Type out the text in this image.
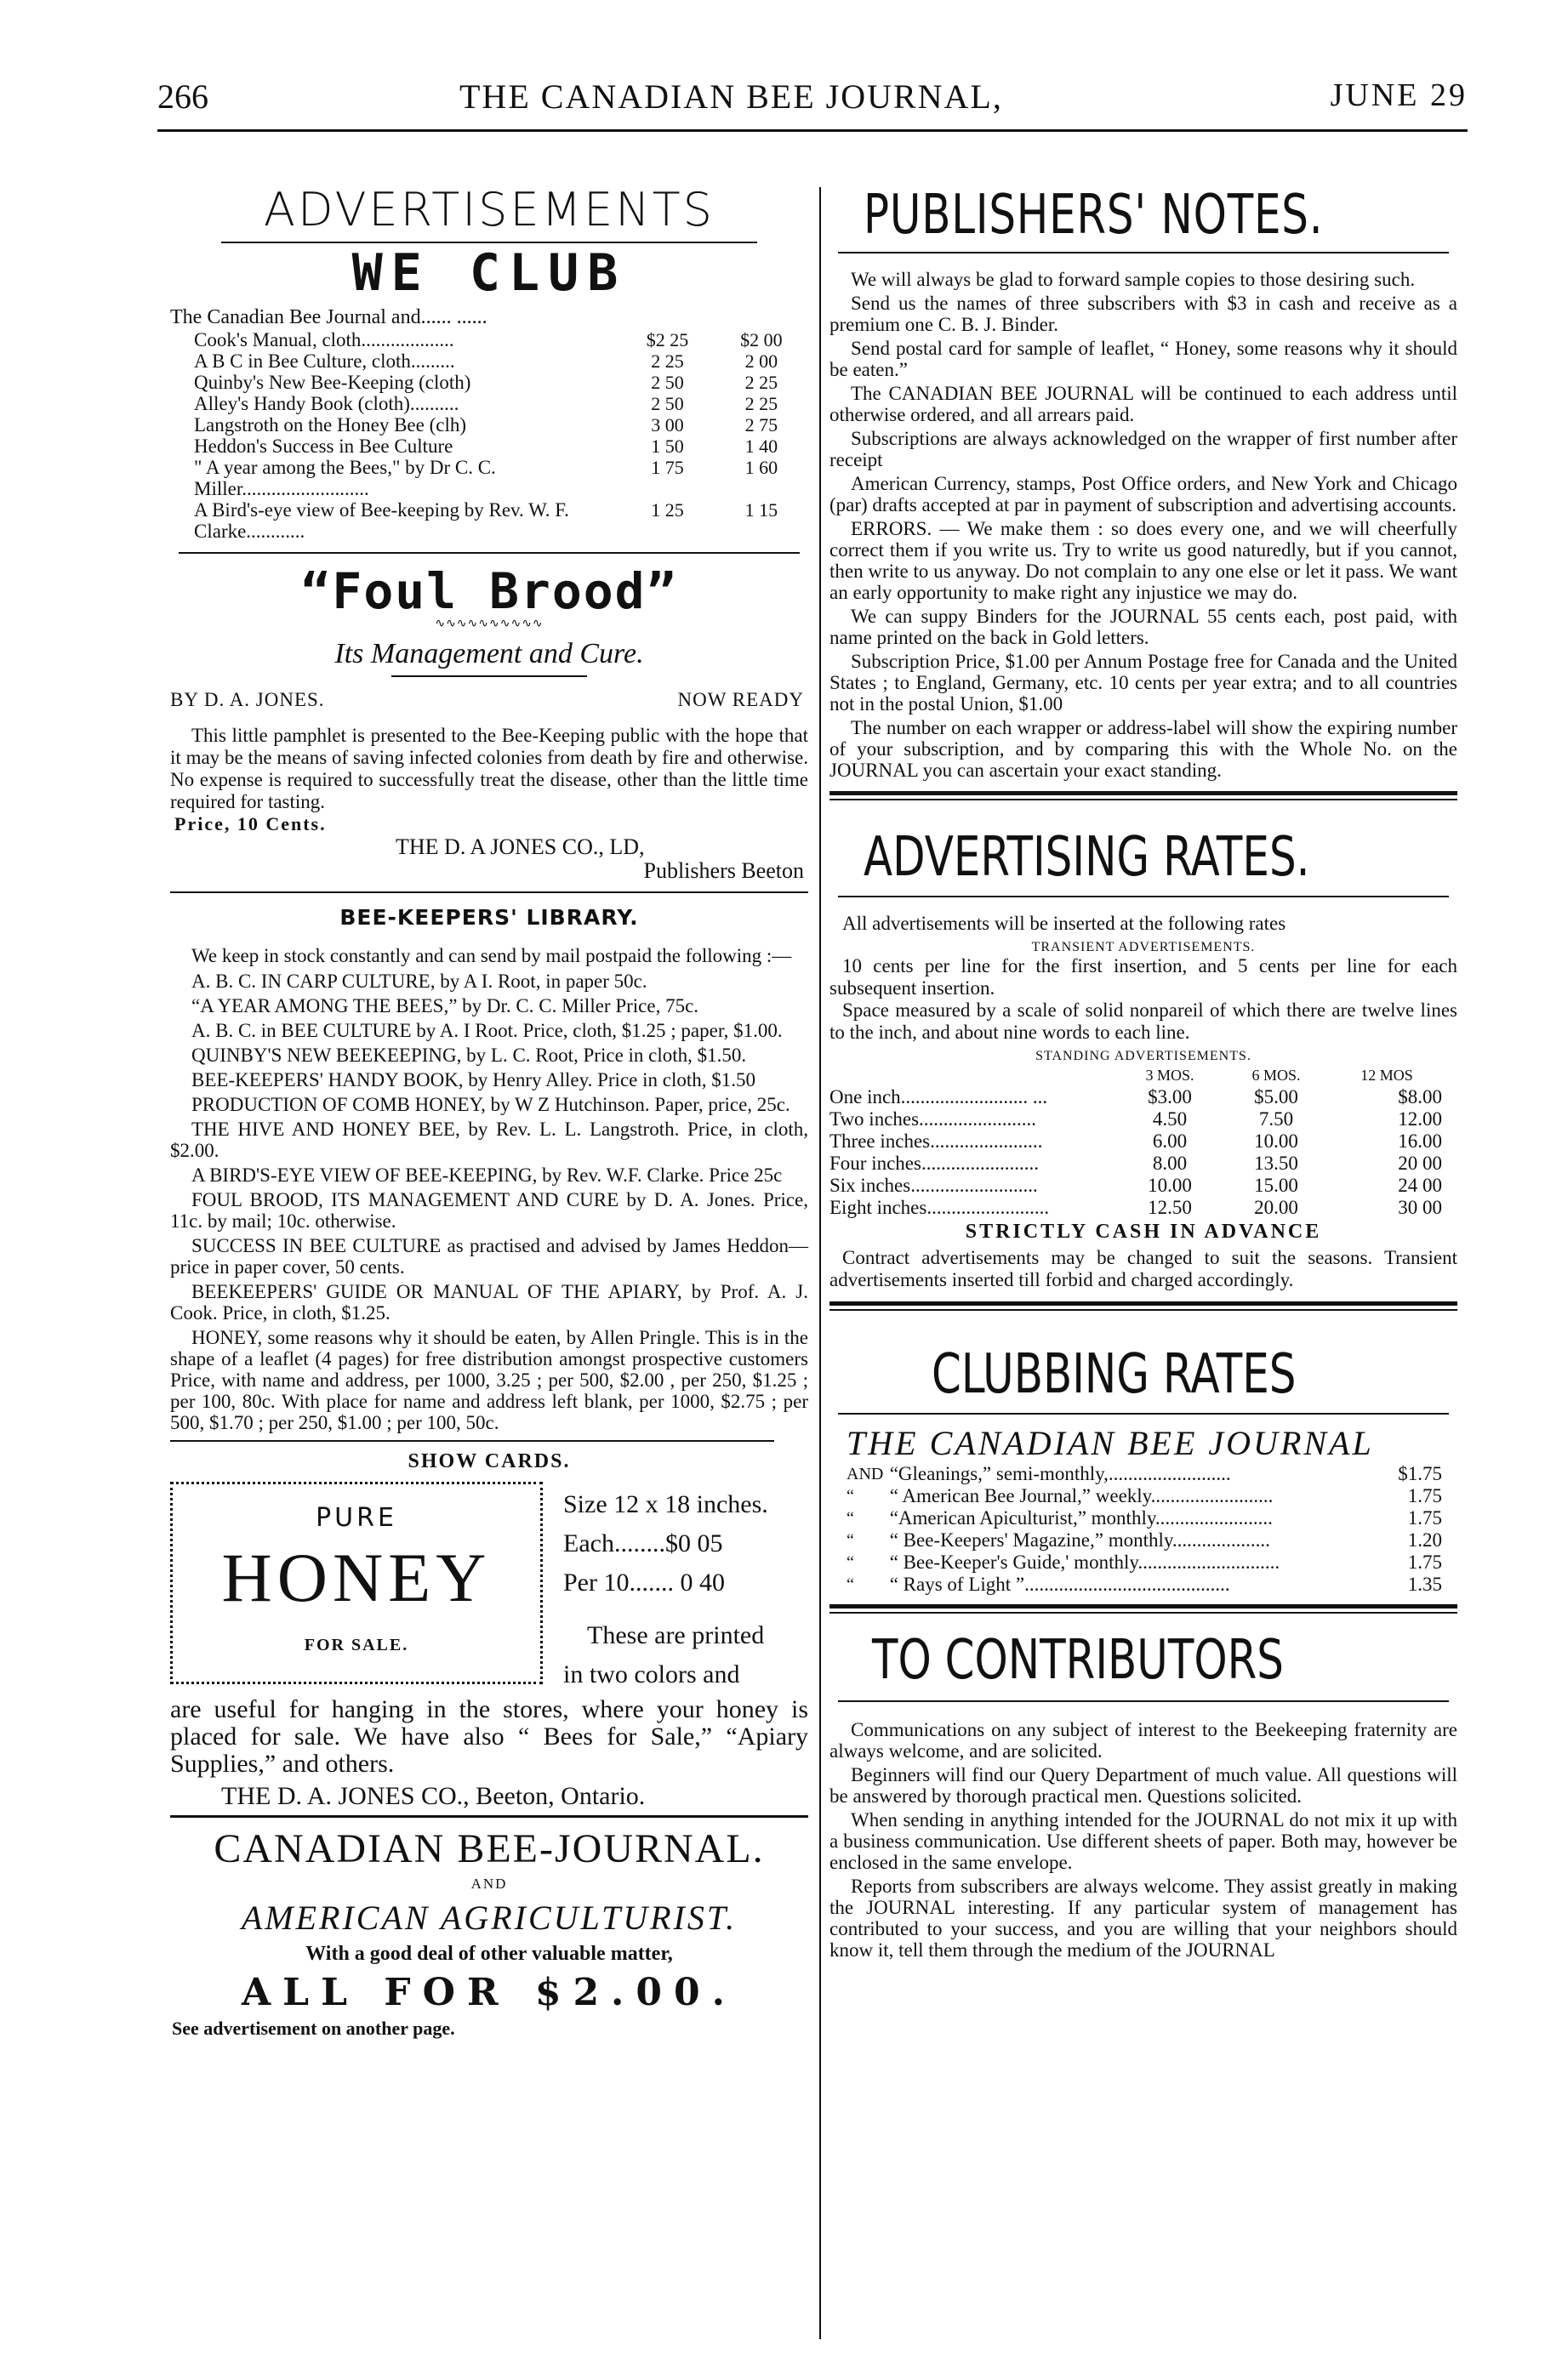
266	THE CANADIAN BEE JOURNAL,	JUNE 29
ADVERTISEMENTS
WE CLUB
The Canadian Bee Journal and...... ......
Cook's Manual, cloth...................	$2 25	$2 00
A B C in Bee Culture, cloth.........	2 25	2 00
Quinby's New Bee-Keeping (cloth)	2 50	2 25
Alley's Handy Book (cloth)..........	2 50	2 25
Langstroth on the Honey Bee (clh)	3 00	2 75
Heddon's Success in Bee Culture	1 50	1 40
" A year among the Bees," by Dr C. C. Miller..........................	1 75	1 60
A Bird's-eye view of Bee-keeping by Rev. W. F. Clarke............	1 25	1 15
“Foul Brood”
∿∿∿∿∿∿∿∿∿∿
Its Management and Cure.
BY D. A. JONES.	NOW READY

This little pamphlet is presented to the Bee-Keeping public with the hope that it may be the means of saving infected colonies from death by fire and otherwise. No expense is required to successfully treat the disease, other than the little time required for tasting.

Price, 10 Cents.

THE D. A JONES CO., LD,

Publishers Beeton

BEE-KEEPERS' LIBRARY.

We keep in stock constantly and can send by mail postpaid the following :—

A. B. C. IN CARP CULTURE, by A I. Root, in paper 50c.

“A YEAR AMONG THE BEES,” by Dr. C. C. Miller Price, 75c.

A. B. C. in BEE CULTURE by A. I Root. Price, cloth, $1.25 ; paper, $1.00.

QUINBY'S NEW BEEKEEPING, by L. C. Root, Price in cloth, $1.50.

BEE-KEEPERS' HANDY BOOK, by Henry Alley. Price in cloth, $1.50

PRODUCTION OF COMB HONEY, by W Z Hutchinson. Paper, price, 25c.

THE HIVE AND HONEY BEE, by Rev. L. L. Langstroth. Price, in cloth, $2.00.

A BIRD'S-EYE VIEW OF BEE-KEEPING, by Rev. W.F. Clarke. Price 25c

FOUL BROOD, ITS MANAGEMENT AND CURE by D. A. Jones. Price, 11c. by mail; 10c. otherwise.

SUCCESS IN BEE CULTURE as practised and advised by James Heddon—price in paper cover, 50 cents.

BEEKEEPERS' GUIDE OR MANUAL OF THE APIARY, by Prof. A. J. Cook. Price, in cloth, $1.25.

HONEY, some reasons why it should be eaten, by Allen Pringle. This is in the shape of a leaflet (4 pages) for free distribution amongst prospective customers Price, with name and address, per 1000, 3.25 ; per 500, $2.00 , per 250, $1.25 ; per 100, 80c. With place for name and address left blank, per 1000, $2.75 ; per 500, $1.70 ; per 250, $1.00 ; per 100, 50c.

SHOW CARDS.
PURE
HONEY
FOR SALE.
Size 12 x 18 inches.
Each........$0 05
Per 10....... 0 40
These are printed
in two colors and

are useful for hanging in the stores, where your honey is placed for sale. We have also “ Bees for Sale,” “Apiary Supplies,” and others.

THE D. A. JONES CO., Beeton, Ontario.

CANADIAN BEE-JOURNAL.
AND
AMERICAN AGRICULTURIST.
With a good deal of other valuable matter,
ALL FOR $2.00.
See advertisement on another page.
PUBLISHERS' NOTES.

We will always be glad to forward sample copies to those desiring such.

Send us the names of three subscribers with $3 in cash and receive as a premium one C. B. J. Binder.

Send postal card for sample of leaflet, “ Honey, some reasons why it should be eaten.”

The CANADIAN BEE JOURNAL will be continued to each address until otherwise ordered, and all arrears paid.

Subscriptions are always acknowledged on the wrapper of first number after receipt

American Currency, stamps, Post Office orders, and New York and Chicago (par) drafts accepted at par in payment of subscription and advertising accounts.

ERRORS. — We make them : so does every one, and we will cheerfully correct them if you write us. Try to write us good naturedly, but if you cannot, then write to us anyway. Do not complain to any one else or let it pass. We want an early opportunity to make right any injustice we may do.

We can suppy Binders for the JOURNAL 55 cents each, post paid, with name printed on the back in Gold letters.

Subscription Price, $1.00 per Annum Postage free for Canada and the United States ; to England, Germany, etc. 10 cents per year extra; and to all countries not in the postal Union, $1.00

The number on each wrapper or address-label will show the expiring number of your subscription, and by comparing this with the Whole No. on the JOURNAL you can ascertain your exact standing.

ADVERTISING RATES.

All advertisements will be inserted at the following rates

TRANSIENT ADVERTISEMENTS.

10 cents per line for the first insertion, and 5 cents per line for each subsequent insertion.

Space measured by a scale of solid nonpareil of which there are twelve lines to the inch, and about nine words to each line.

STANDING ADVERTISEMENTS.
	3 MOS.	6 MOS.	12 MOS
One inch.......................... ...	$3.00	$5.00	$8.00
Two inches........................	4.50	7.50	12.00
Three inches.......................	6.00	10.00	16.00
Four inches........................	8.00	13.50	20 00
Six inches..........................	10.00	15.00	24 00
Eight inches.........................	12.50	20.00	30 00
STRICTLY CASH IN ADVANCE

Contract advertisements may be changed to suit the seasons. Transient advertisements inserted till forbid and charged accordingly.

CLUBBING RATES
THE CANADIAN BEE JOURNAL
AND	“Gleanings,” semi-monthly,.........................	$1.75
“	“ American Bee Journal,” weekly.........................	1.75
“	“American Apiculturist,” monthly........................	1.75
“	“ Bee-Keepers' Magazine,” monthly....................	1.20
“	“ Bee-Keeper's Guide,' monthly.............................	1.75
“	“ Rays of Light ”..........................................	1.35
TO CONTRIBUTORS

Communications on any subject of interest to the Beekeeping fraternity are always welcome, and are solicited.

Beginners will find our Query Department of much value. All questions will be answered by thorough practical men. Questions solicited.

When sending in anything intended for the JOURNAL do not mix it up with a business communication. Use different sheets of paper. Both may, however be enclosed in the same envelope.

Reports from subscribers are always welcome. They assist greatly in making the JOURNAL interesting. If any particular system of management has contributed to your success, and you are willing that your neighbors should know it, tell them through the medium of the JOURNAL
